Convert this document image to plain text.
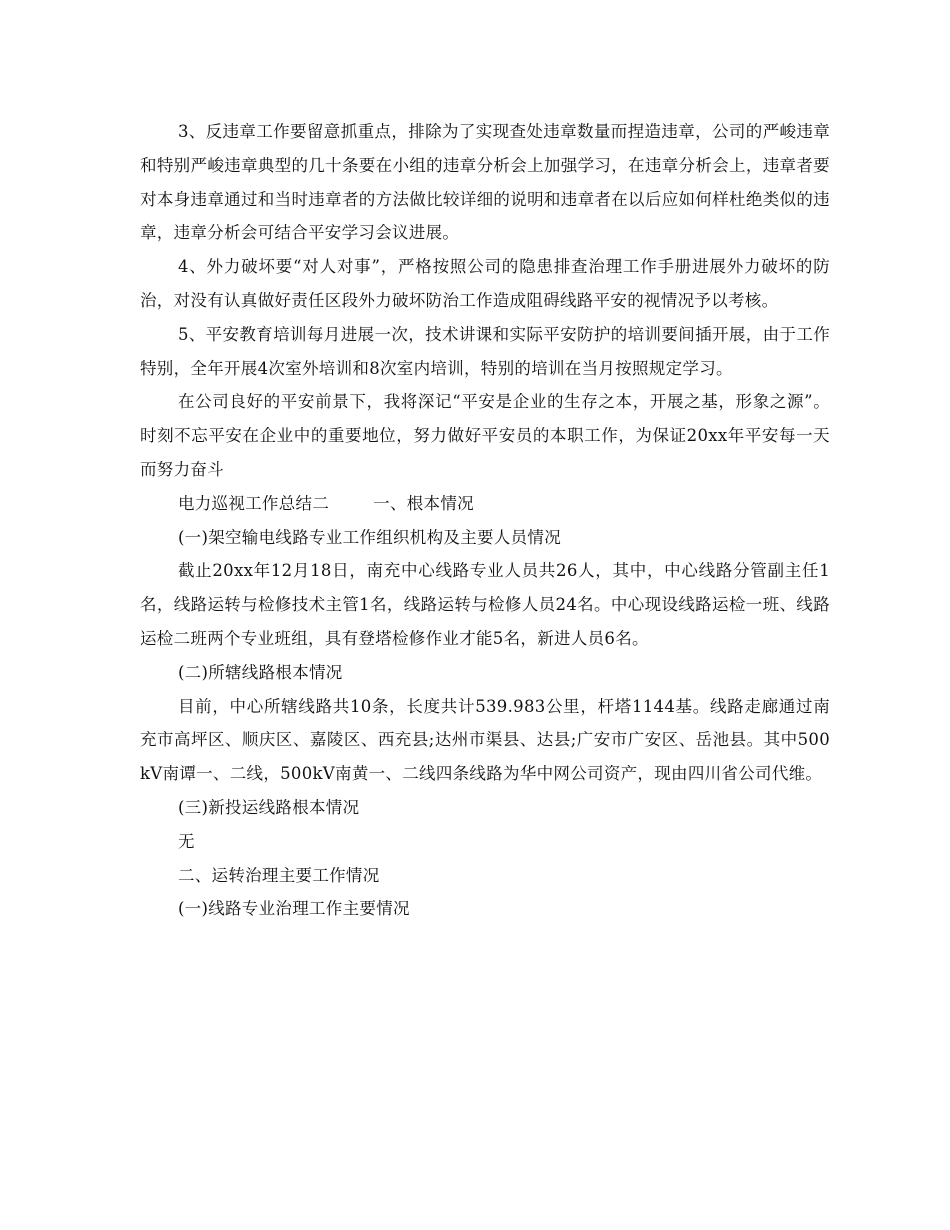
3、反违章工作要留意抓重点，排除为了实现查处违章数量而捏造违章，公司的严峻违章和特别严峻违章典型的几十条要在小组的违章分析会上加强学习，在违章分析会上，违章者要对本身违章通过和当时违章者的方法做比较详细的说明和违章者在以后应如何样杜绝类似的违章，违章分析会可结合平安学习会议进展。

4、外力破坏要“对人对事”，严格按照公司的隐患排查治理工作手册进展外力破坏的防治，对没有认真做好责任区段外力破坏防治工作造成阻碍线路平安的视情况予以考核。

5、平安教育培训每月进展一次，技术讲课和实际平安防护的培训要间插开展，由于工作特别，全年开展4次室外培训和8次室内培训，特别的培训在当月按照规定学习。

在公司良好的平安前景下，我将深记“平安是企业的生存之本，开展之基，形象之源”。时刻不忘平安在企业中的重要地位，努力做好平安员的本职工作，为保证20xx年平安每一天而努力奋斗

电力巡视工作总结二	一、根本情况

(一)架空输电线路专业工作组织机构及主要人员情况

截止20xx年12月18日，南充中心线路专业人员共26人，其中，中心线路分管副主任1名，线路运转与检修技术主管1名，线路运转与检修人员24名。中心现设线路运检一班、线路运检二班两个专业班组，具有登塔检修作业才能5名，新进人员6名。

(二)所辖线路根本情况

目前，中心所辖线路共10条，长度共计539.983公里，杆塔1144基。线路走廊通过南充市高坪区、顺庆区、嘉陵区、西充县;达州市渠县、达县;广安市广安区、岳池县。其中500kV南谭一、二线，500kV南黄一、二线四条线路为华中网公司资产，现由四川省公司代维。

(三)新投运线路根本情况

无

二、运转治理主要工作情况

(一)线路专业治理工作主要情况
